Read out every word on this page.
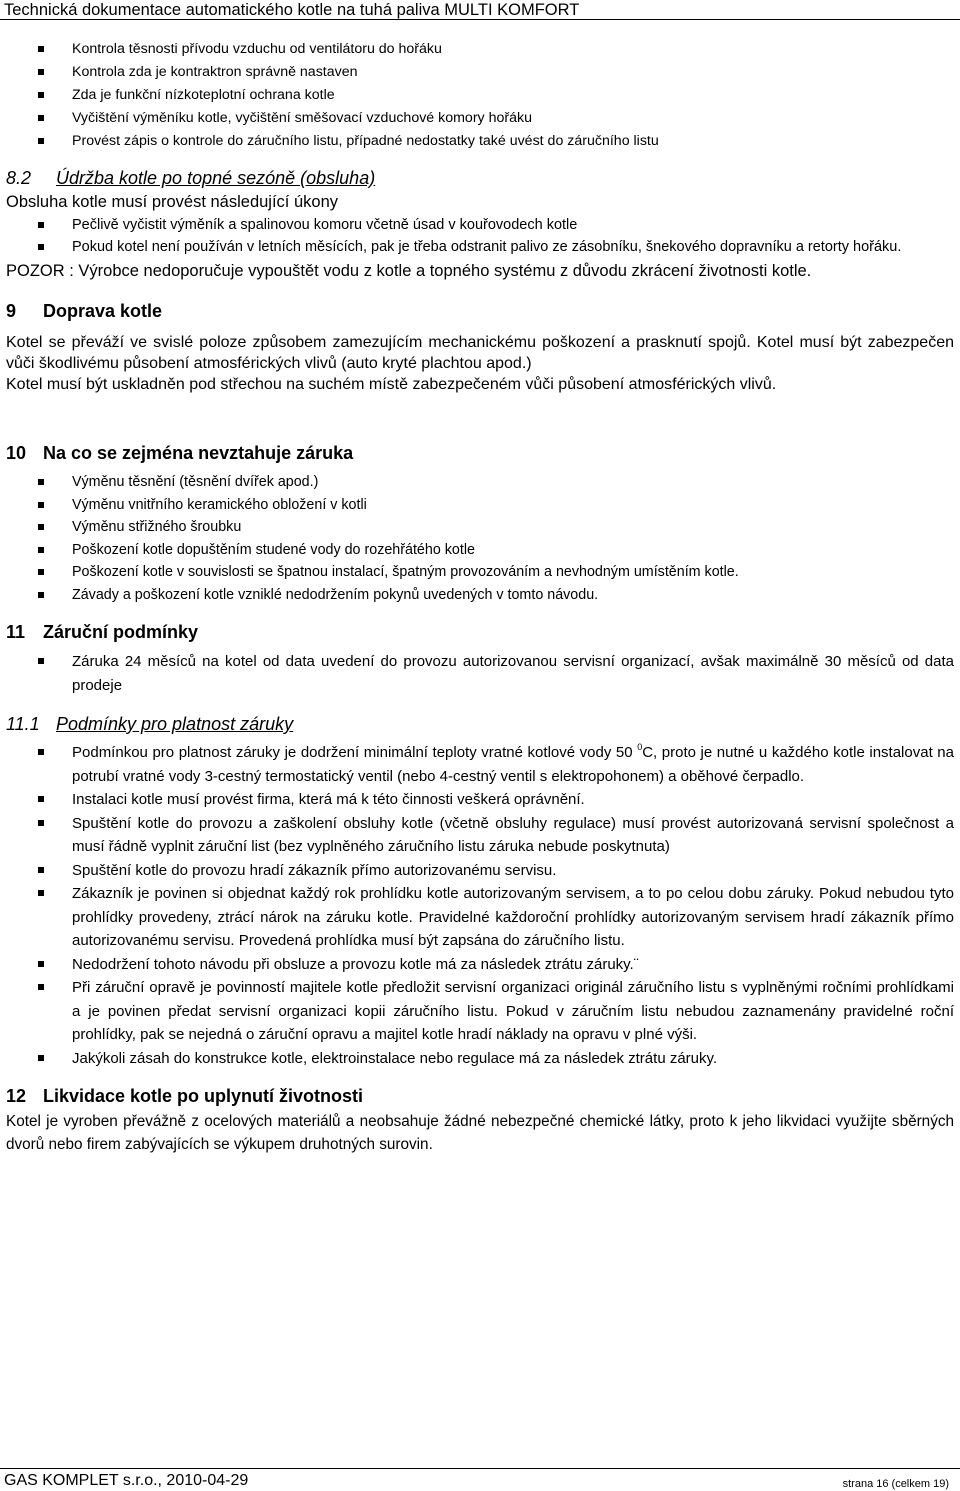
Technická dokumentace automatického kotle na tuhá paliva MULTI KOMFORT
Kontrola těsnosti přívodu vzduchu od ventilátoru do hořáku
Kontrola zda je kontraktron správně nastaven
Zda je funkční nízkoteplotní ochrana kotle
Vyčištění výměníku kotle, vyčištění směšovací vzduchové komory hořáku
Provést zápis o kontrole do záručního listu, případné nedostatky také uvést do záručního listu
8.2 Údržba kotle po topné sezóně (obsluha)
Obsluha kotle musí provést následující úkony
Pečlivě vyčistit výměník a spalinovou komoru včetně úsad v kouřovodech kotle
Pokud kotel není používán v letních měsících, pak je třeba odstranit palivo ze zásobníku, šnekového dopravníku a retorty hořáku.
POZOR : Výrobce nedoporučuje vypouštět vodu z kotle a topného systému z důvodu zkrácení životnosti kotle.
9 Doprava kotle
Kotel se převáží ve svislé poloze způsobem zamezujícím mechanickému poškození a prasknutí spojů. Kotel musí být zabezpečen vůči škodlivému působení atmosférických vlivů (auto kryté plachtou apod.)
Kotel musí být uskladněn pod střechou na suchém místě zabezpečeném vůči působení atmosférických vlivů.
10 Na co se zejména nevztahuje záruka
Výměnu těsnění (těsnění dvířek apod.)
Výměnu vnitřního keramického obložení v kotli
Výměnu střižného šroubku
Poškození kotle dopuštěním studené vody do rozehřátého kotle
Poškození kotle v souvislosti se špatnou instalací, špatným provozováním a nevhodným umístěním kotle.
Závady a poškození kotle vzniklé nedodržením pokynů uvedených v tomto návodu.
11 Záruční podmínky
Záruka 24 měsíců na kotel od data uvedení do provozu autorizovanou servisní organizací, avšak maximálně 30 měsíců od data prodeje
11.1 Podmínky pro platnost záruky
Podmínkou pro platnost záruky je dodržení minimální teploty vratné kotlové vody 50 $^0$C, proto je nutné u každého kotle instalovat na potrubí vratné vody 3-cestný termostatický ventil (nebo 4-cestný ventil s elektropohonem) a oběhové čerpadlo.
Instalaci kotle musí provést firma, která má k této činnosti veškerá oprávnění.
Spuštění kotle do provozu a zaškolení obsluhy kotle (včetně obsluhy regulace) musí provést autorizovaná servisní společnost a musí řádně vyplnit záruční list (bez vyplněného záručního listu záruka nebude poskytnuta)
Spuštění kotle do provozu hradí zákazník přímo autorizovanému servisu.
Zákazník je povinen si objednat každý rok prohlídku kotle autorizovaným servisem, a to po celou dobu záruky. Pokud nebudou tyto prohlídky provedeny, ztrácí nárok na záruku kotle. Pravidelné každoroční prohlídky autorizovaným servisem hradí zákazník přímo autorizovanému servisu. Provedená prohlídka musí být zapsána do záručního listu.
Nedodržení tohoto návodu při obsluze a provozu kotle má za následek ztrátu záruky.¨
Při záruční opravě je povinností majitele kotle předložit servisní organizaci originál záručního listu s vyplněnými ročními prohlídkami a je povinen předat servisní organizaci kopii záručního listu. Pokud v záručním listu nebudou zaznamenány pravidelné roční prohlídky, pak se nejedná o záruční opravu a majitel kotle hradí náklady na opravu v plné výši.
Jakýkoli zásah do konstrukce kotle, elektroinstalace nebo regulace má za následek ztrátu záruky.
12 Likvidace kotle po uplynutí životnosti
Kotel je vyroben převážně z ocelových materiálů a neobsahuje žádné nebezpečné chemické látky, proto k jeho likvidaci využijte sběrných dvorů nebo firem zabývajících se výkupem druhotných surovin.
GAS KOMPLET s.r.o., 2010-04-29	strana 16 (celkem 19)
